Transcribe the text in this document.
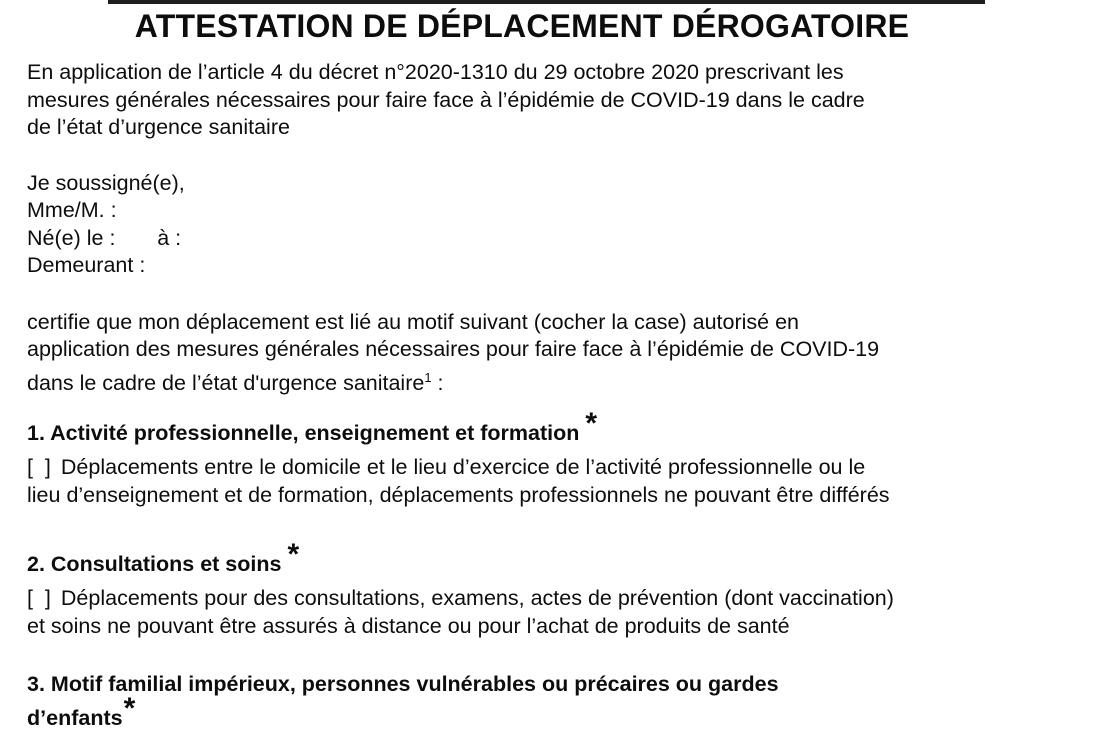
ATTESTATION DE DÉPLACEMENT DÉROGATOIRE
En application de l’article 4 du décret n°2020-1310 du 29 octobre 2020 prescrivant les
mesures générales nécessaires pour faire face à l’épidémie de COVID-19 dans le cadre
de l’état d’urgence sanitaire
Je soussigné(e),
Mme/M. :
Né(e) le :       à :
Demeurant :
certifie que mon déplacement est lié au motif suivant (cocher la case) autorisé en
application des mesures générales nécessaires pour faire face à l’épidémie de COVID-19
dans le cadre de l’état d'urgence sanitaire$^1$ :
1. Activité professionnelle, enseignement et formation *
[  ] Déplacements entre le domicile et le lieu d’exercice de l’activité professionnelle ou le
lieu d’enseignement et de formation, déplacements professionnels ne pouvant être différés
2. Consultations et soins *
[  ] Déplacements pour des consultations, examens, actes de prévention (dont vaccination)
et soins ne pouvant être assurés à distance ou pour l’achat de produits de santé
3. Motif familial impérieux, personnes vulnérables ou précaires ou gardes
d’enfants*
